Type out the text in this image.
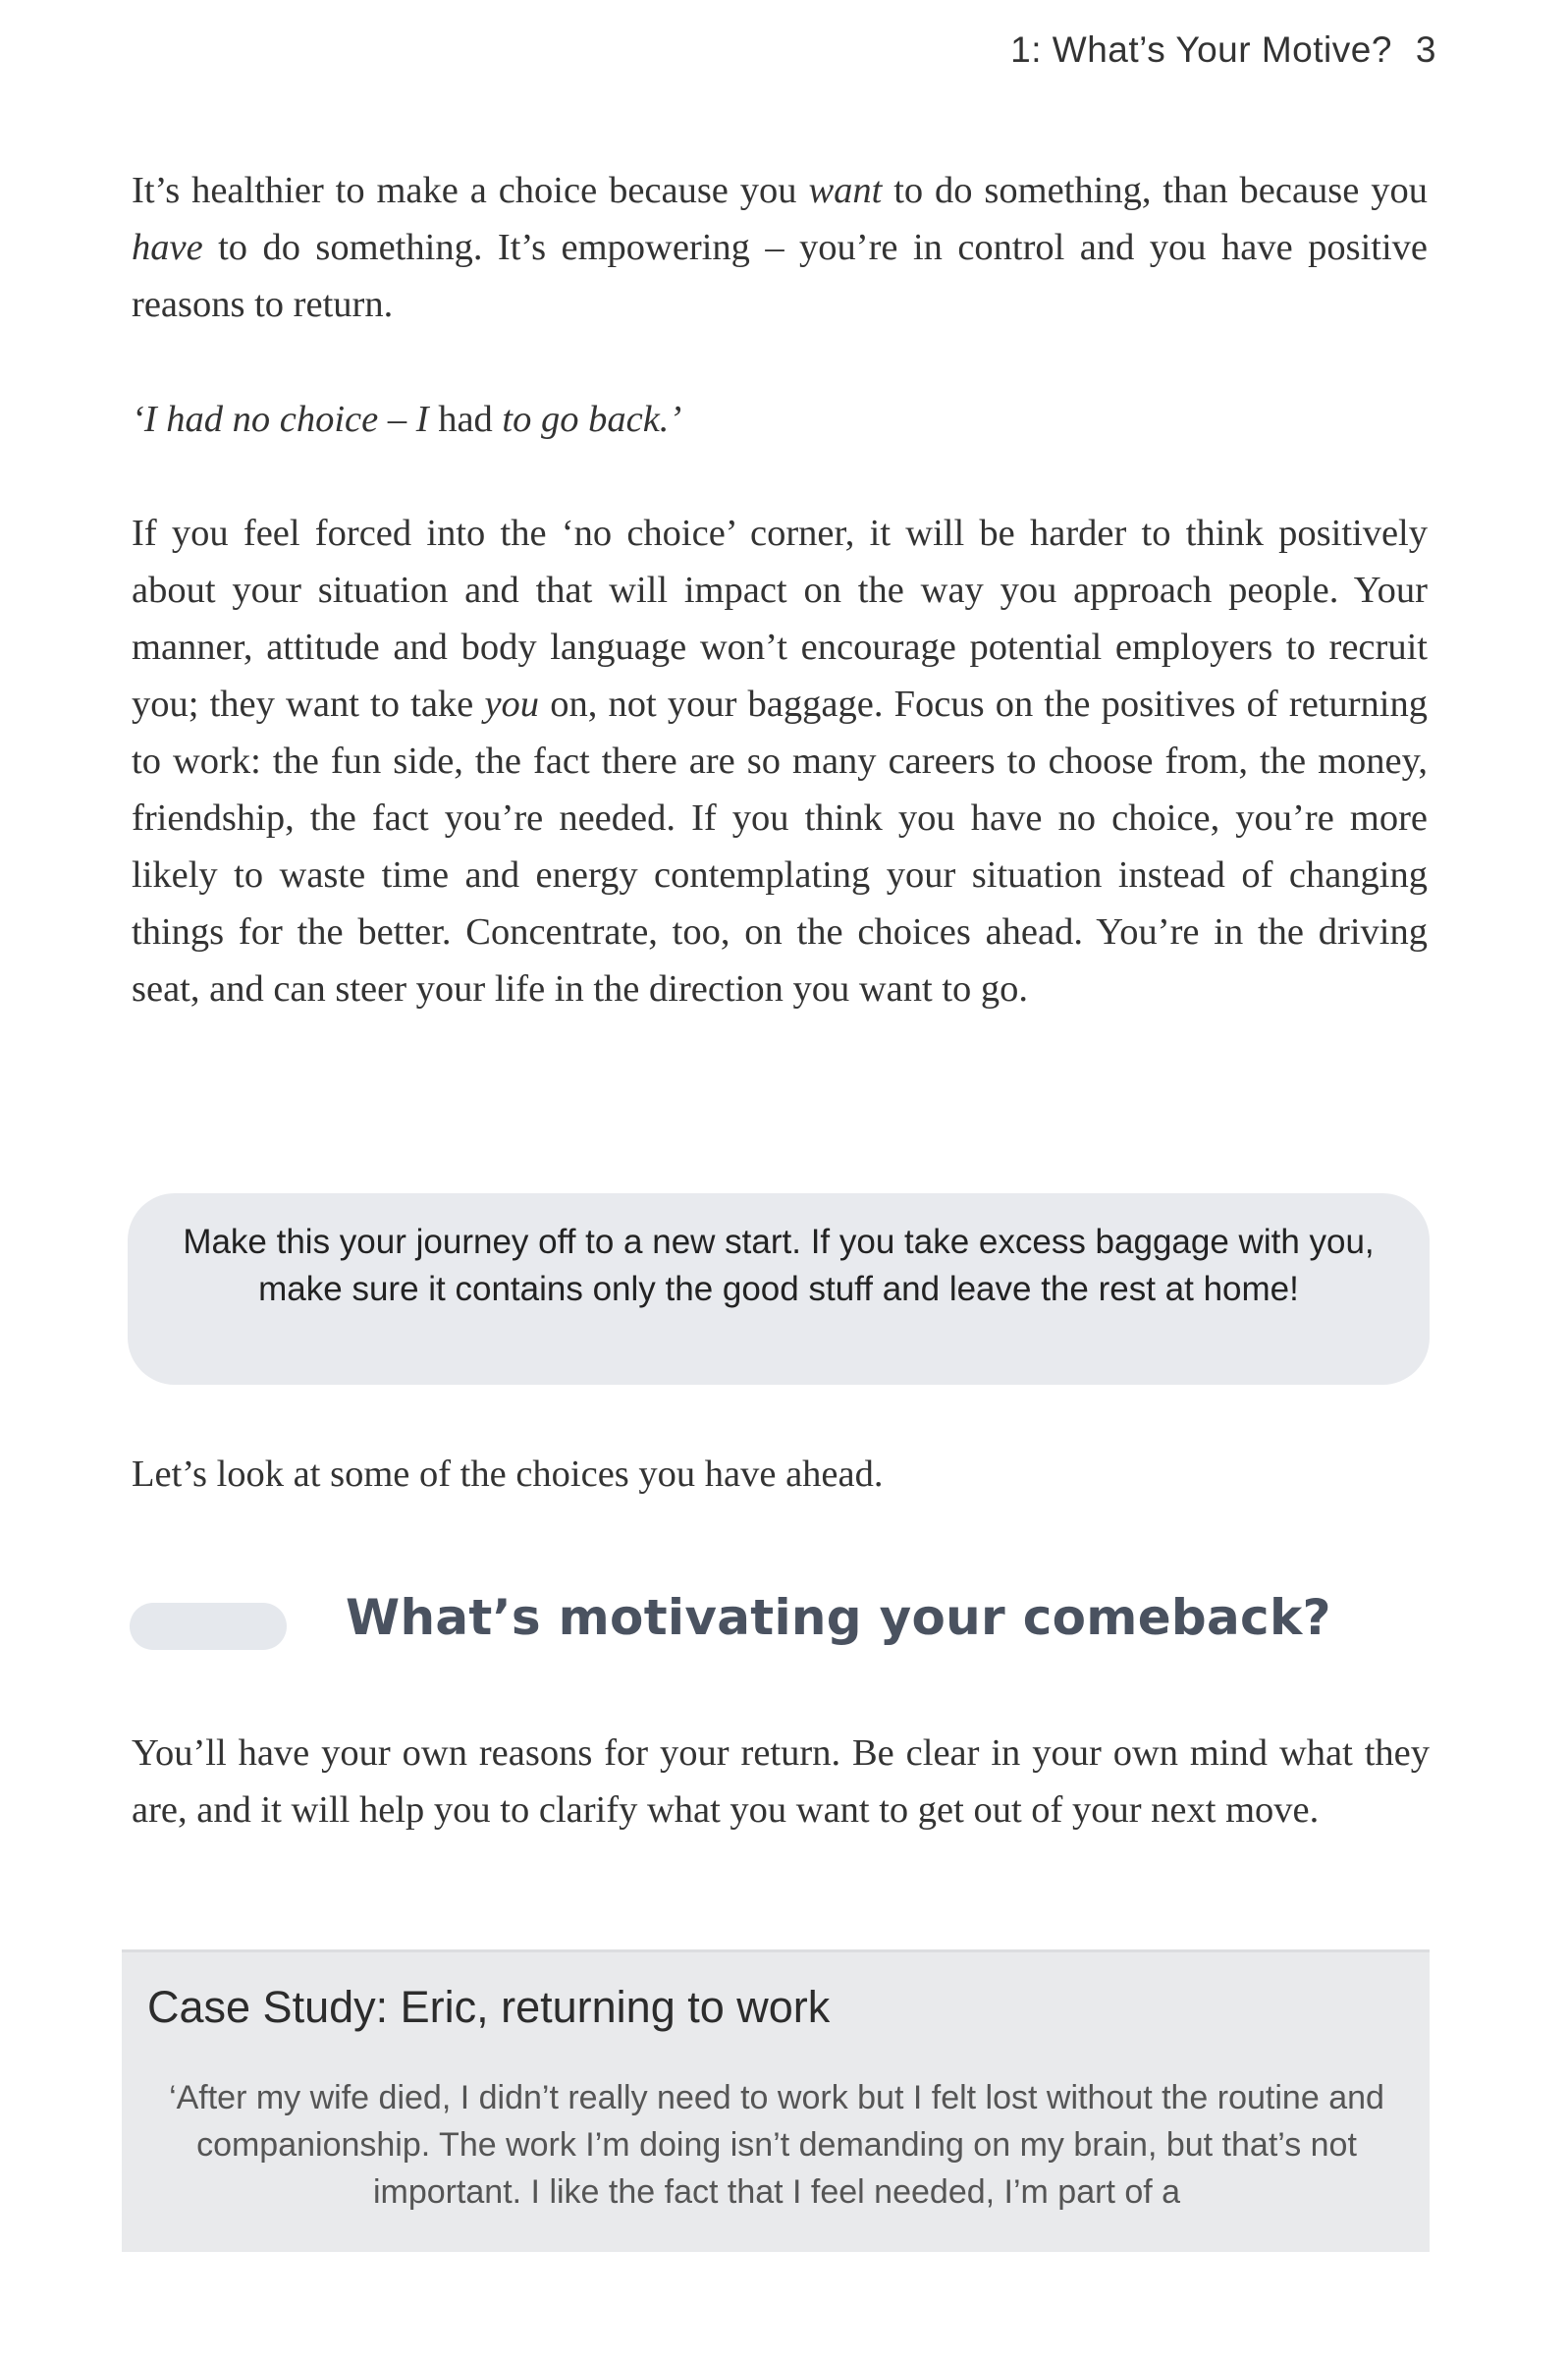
1: What’s Your Motive? 3

It’s healthier to make a choice because you want to do something, than because you have to do something. It’s empowering – you’re in control and you have positive reasons to return.

‘I had no choice – I had to go back.’

If you feel forced into the ‘no choice’ corner, it will be harder to think positively about your situation and that will impact on the way you approach people. Your manner, attitude and body language won’t encourage potential employers to recruit you; they want to take you on, not your baggage. Focus on the positives of returning to work: the fun side, the fact there are so many careers to choose from, the money, friendship, the fact you’re needed. If you think you have no choice, you’re more likely to waste time and energy contemplating your situation instead of changing things for the better. Concentrate, too, on the choices ahead. You’re in the driving seat, and can steer your life in the direction you want to go.

Make this your journey off to a new start. If you take excess baggage with you, make sure it contains only the good stuff and leave the rest at home!

Let’s look at some of the choices you have ahead.

What’s motivating your comeback?

You’ll have your own reasons for your return. Be clear in your own mind what they are, and it will help you to clarify what you want to get out of your next move.

Case Study: Eric, returning to work
‘After my wife died, I didn’t really need to work but I felt lost without the routine and companionship. The work I’m doing isn’t demanding on my brain, but that’s not important. I like the fact that I feel needed, I’m part of a
